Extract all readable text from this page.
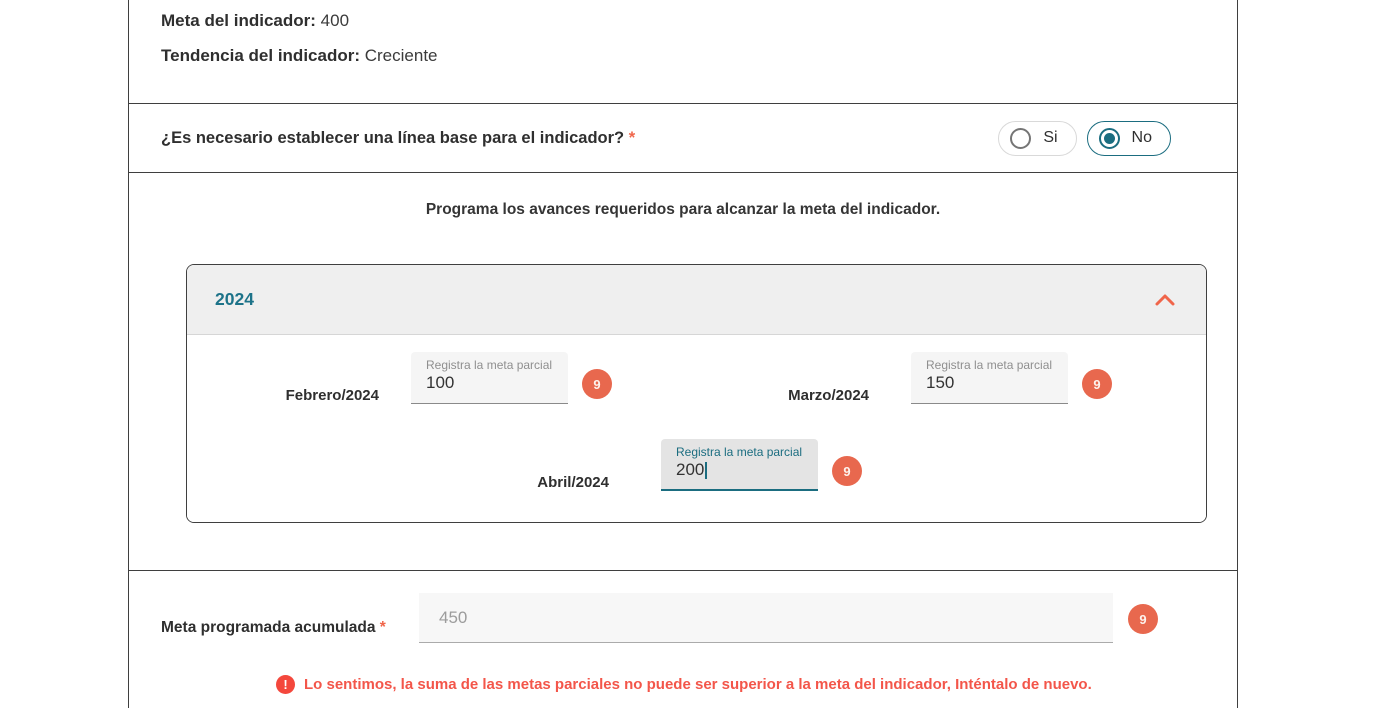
Meta del indicador: 400
Tendencia del indicador: Creciente
¿Es necesario establecer una línea base para el indicador? *	Si	No
Programa los avances requeridos para alcanzar la meta del indicador.
2024
Febrero/2024
Registra la meta parcial
100	9
Marzo/2024
Registra la meta parcial
150	9
Abril/2024
Registra la meta parcial
200	9
Meta programada acumulada *
450	9
!	Lo sentimos, la suma de las metas parciales no puede ser superior a la meta del indicador, Inténtalo de nuevo.
